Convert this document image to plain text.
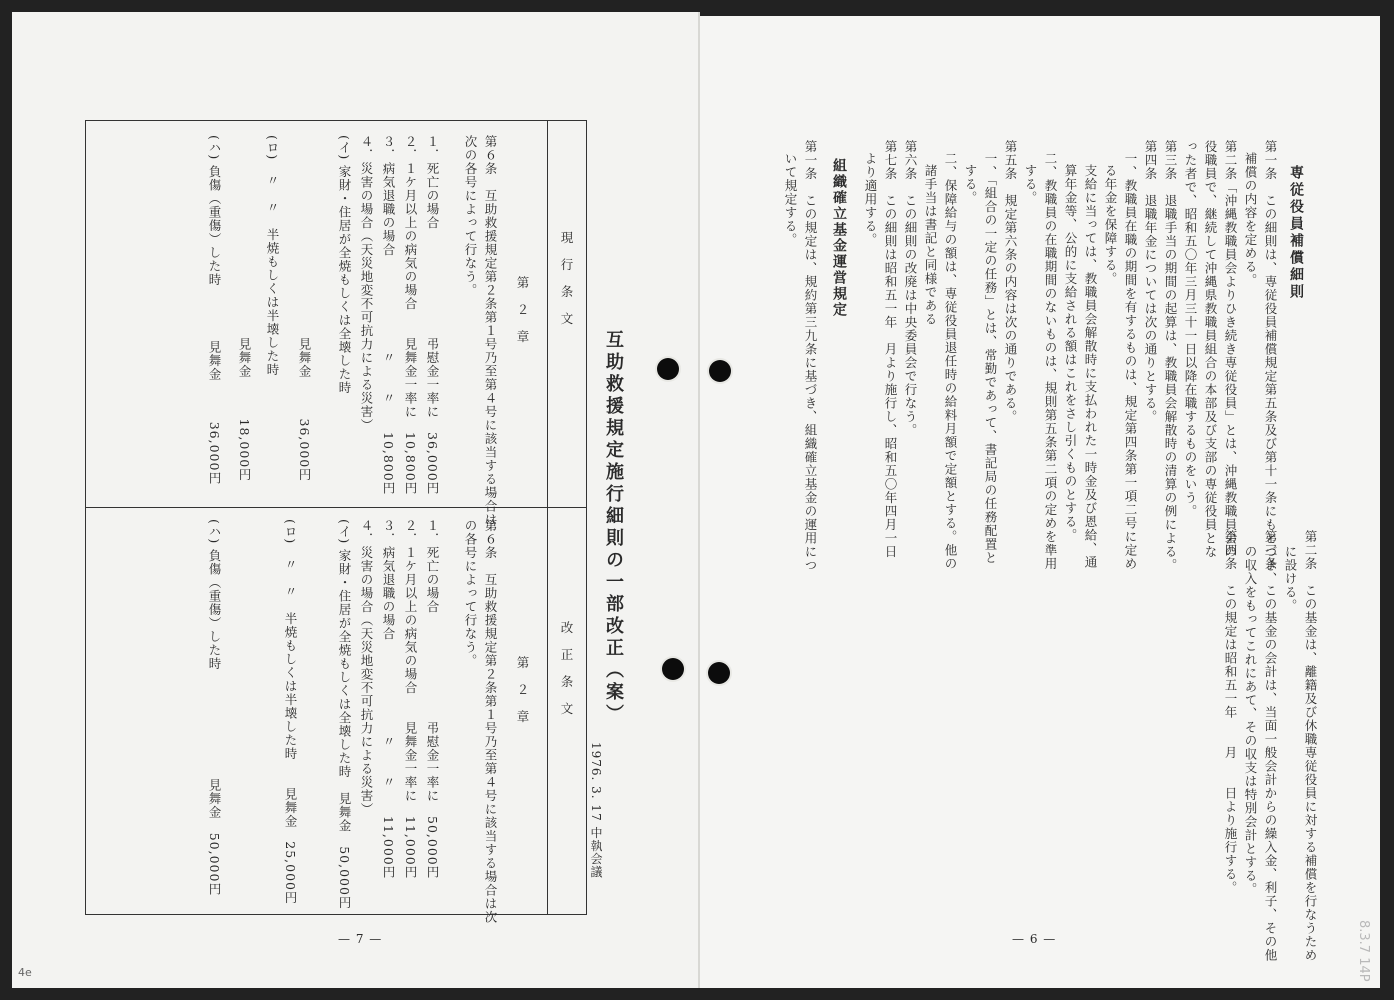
互助救援規定施行細則の一部改正（案）
1976. 3. 17 中執会議
現　行　条　文
第　２　章
第６条　互助救援規定第２条第１号乃至第４号に該当する場合は
次の各号によって行なう。
１．死亡の場合　　　　　　　　弔慰金一率に　36,000円
２．１ケ月以上の病気の場合　　見舞金一率に　10,800円
３．病気退職の場合　　　　　　　〃　　〃　　10,800円
４．災害の場合（天災地変不可抗力による災害）
(イ) 家財・住居が全焼もしくは全壊した時
　　　　　　　　　　　　　　　見舞金　　　36,000円
(ロ)　〃　〃　半焼もしくは半壊した時
　　　　　　　　　　　　　　　見舞金　　　18,000円
(ハ) 負傷（重傷）した時　　　　見舞金　　　36,000円
改　正　条　文
第　２　章
第６条　互助救援規定第２条第１号乃至第４号に該当する場合は次
の各号によって行なう。
１．死亡の場合　　　　　　　　弔慰金一率に　50,000円
２．１ケ月以上の病気の場合　　見舞金一率に　11,000円
３．病気退職の場合　　　　　　　〃　　〃　　11,000円
４．災害の場合（天災地変不可抗力による災害）
(イ) 家財・住居が全焼もしくは全壊した時　見舞金　50,000円
(ロ)　〃　〃　半焼もしくは半壊した時　　見舞金　25,000円
(ハ) 負傷（重傷）した時　　　　　　　　見舞金　50,000円
— 7 —
4e
専従役員補償細則
第一条　この細則は、専従役員補償規定第五条及び第十一条にもとづき、
補償の内容を定める。
第二条「沖縄教職員会よりひき続き専従役員」とは、沖縄教職員会の
役職員で、継続して沖縄県教職員組合の本部及び支部の専従役員とな
った者で、昭和五〇年三月三十一日以降在職するものをいう。
第三条　退職手当の期間の起算は、教職員会解散時の清算の例による。
第四条　退職年金については次の通りとする。
一、教職員在職の期間を有するものは、規定第四条第一項二号に定め
る年金を保障する。
支給に当っては、教職員会解散時に支払われた一時金及び恩給、通
算年金等、公的に支給される額はこれをさし引くものとする。
二、教職員の在職期間のないものは、規則第五条第二項の定めを準用
する。
第五条　規定第六条の内容は次の通りである。
一、「組合の一定の任務」とは、常勤であって、書記局の任務配置と
する。
二、保障給与の額は、専従役員退任時の給料月額で定額とする。他の
諸手当は書記と同様である
第六条　この細則の改廃は中央委員会で行なう。
第七条　この細則は昭和五一年　月より施行し、昭和五〇年四月一日
より適用する。
組織確立基金運営規定
第一条　この規定は、規約第三九条に基づき、組織確立基金の運用につ
いて規定する。
第二条　この基金は、離籍及び休職専従役員に対する補償を行なうため
に設ける。
第三条　この基金の会計は、当面一般会計からの繰入金、利子、その他
の収入をもってこれにあて、その収支は特別会計とする。
第四条　この規定は昭和五一年　　月　　日より施行する。
— 6 —	8.3.7 14P
